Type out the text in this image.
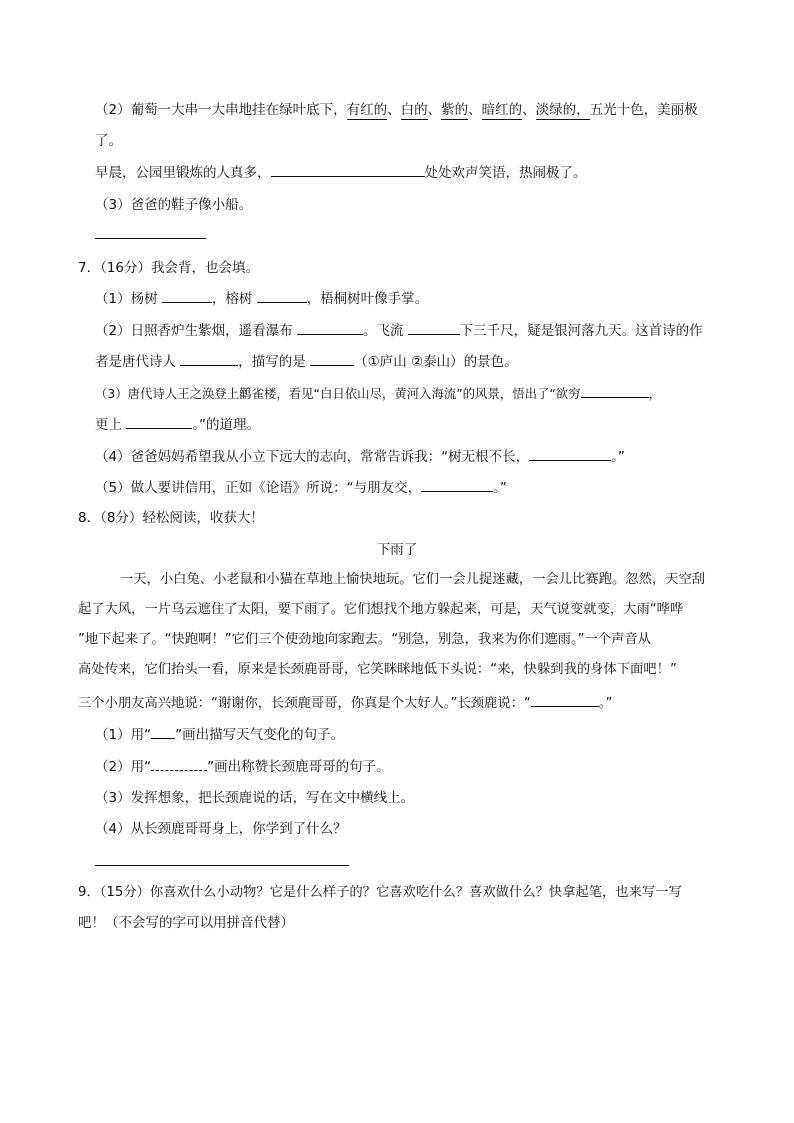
（2）葡萄一大串一大串地挂在绿叶底下，有红的、白的、紫的、暗红的、淡绿的，五光十色，美丽极
了。
早晨，公园里锻炼的人真多，	处处欢声笑语，热闹极了。
（3）爸爸的鞋子像小船。
7．（16分）我会背，也会填。
（1）杨树	，榕树	，梧桐树叶像手掌。
（2）日照香炉生紫烟，遥看瀑布	。飞流	下三千尺，疑是银河落九天。这首诗的作
者是唐代诗人	，描写的是	（①庐山 ②泰山）的景色。
（3）唐代诗人王之涣登上鹳雀楼，看见“白日依山尽，黄河入海流”的风景，悟出了“欲穷	，
更上	。”的道理。
（4）爸爸妈妈希望我从小立下远大的志向，常常告诉我：“树无根不长，	。”
（5）做人要讲信用，正如《论语》所说：“与朋友交，	。”
8．（8分）轻松阅读，收获大！
下雨了
一天，小白兔、小老鼠和小猫在草地上愉快地玩。它们一会儿捉迷藏，一会儿比赛跑。忽然，天空刮
起了大风，一片乌云遮住了太阳，要下雨了。它们想找个地方躲起来，可是，天气说变就变，大雨“哗哗
”地下起来了。“快跑啊！”它们三个使劲地向家跑去。“别急，别急，我来为你们遮雨。”一个声音从
高处传来，它们抬头一看，原来是长颈鹿哥哥，它笑眯眯地低下头说：“来，快躲到我的身体下面吧！”
三个小朋友高兴地说：“谢谢你，长颈鹿哥哥，你真是个大好人。”长颈鹿说：“	。”
（1）用“ ”画出描写天气变化的句子。
（2）用“	”画出称赞长颈鹿哥哥的句子。
（3）发挥想象，把长颈鹿说的话，写在文中横线上。
（4）从长颈鹿哥哥身上，你学到了什么？
9．（15分）你喜欢什么小动物？它是什么样子的？它喜欢吃什么？喜欢做什么？快拿起笔，也来写一写
吧！（不会写的字可以用拼音代替）
